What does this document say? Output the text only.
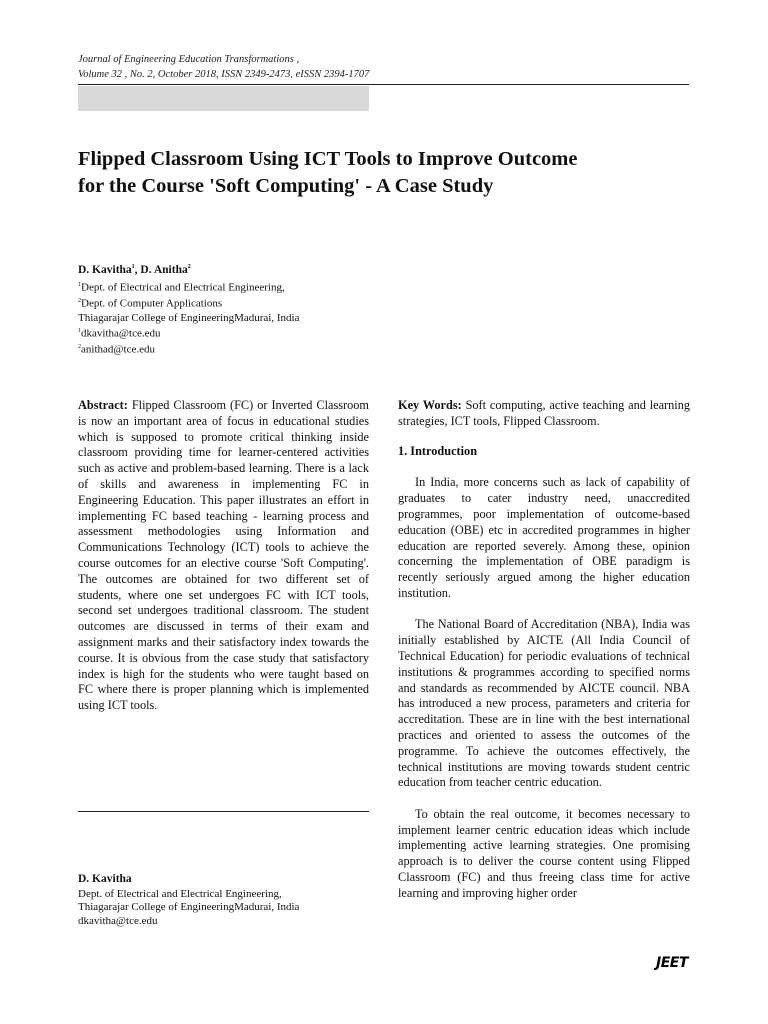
Journal of Engineering Education Transformations ,
Volume 32 , No. 2, October 2018, ISSN 2349-2473, eISSN 2394-1707
Flipped Classroom Using ICT Tools to Improve Outcome
for the Course 'Soft Computing' - A Case Study
D. Kavitha$^1$, D. Anitha$^2$
$^1$Dept. of Electrical and Electrical Engineering,
$^2$Dept. of Computer Applications
Thiagarajar College of EngineeringMadurai, India
$^1$dkavitha@tce.edu
$^2$anithad@tce.edu
Abstract: Flipped Classroom (FC) or Inverted Classroom is now an important area of focus in educational studies which is supposed to promote critical thinking inside classroom providing time for learner-centered activities such as active and problem-based learning. There is a lack of skills and awareness in implementing FC in Engineering Education. This paper illustrates an effort in implementing FC based teaching - learning process and assessment methodologies using Information and Communications Technology (ICT) tools to achieve the course outcomes for an elective course 'Soft Computing'. The outcomes are obtained for two different set of students, where one set undergoes FC with ICT tools, second set undergoes traditional classroom. The student outcomes are discussed in terms of their exam and assignment marks and their satisfactory index towards the course. It is obvious from the case study that satisfactory index is high for the students who were taught based on FC where there is proper planning which is implemented using ICT tools.
D. Kavitha
Dept. of Electrical and Electrical Engineering,
Thiagarajar College of EngineeringMadurai, India
dkavitha@tce.edu

Key Words: Soft computing, active teaching and learning strategies, ICT tools, Flipped Classroom.

1. Introduction

In India, more concerns such as lack of capability of graduates to cater industry need, unaccredited programmes, poor implementation of outcome-based education (OBE) etc in accredited programmes in higher education are reported severely. Among these, opinion concerning the implementation of OBE paradigm is recently seriously argued among the higher education institution.

The National Board of Accreditation (NBA), India was initially established by AICTE (All India Council of Technical Education) for periodic evaluations of technical institutions & programmes according to specified norms and standards as recommended by AICTE council. NBA has introduced a new process, parameters and criteria for accreditation. These are in line with the best international practices and oriented to assess the outcomes of the programme. To achieve the outcomes effectively, the technical institutions are moving towards student centric education from teacher centric education.

To obtain the real outcome, it becomes necessary to implement learner centric education ideas which include implementing active learning strategies. One promising approach is to deliver the course content using Flipped Classroom (FC) and thus freeing class time for active learning and improving higher order

JEET
